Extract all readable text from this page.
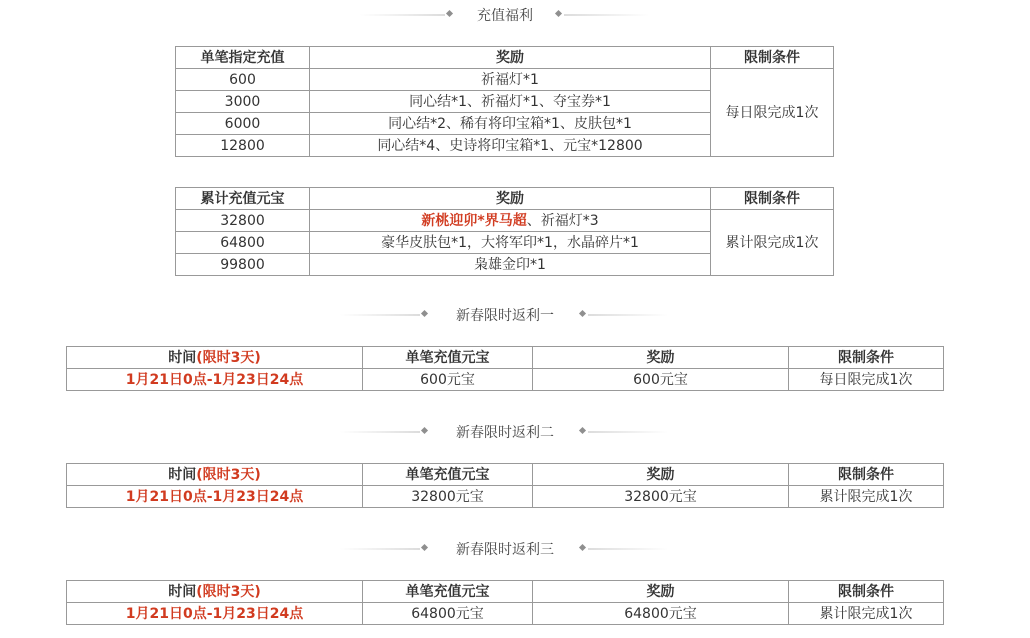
充值福利
单笔指定充值	奖励	限制条件
600	祈福灯*1	每日限完成1次
3000	同心结*1、祈福灯*1、夺宝券*1	
6000	同心结*2、稀有将印宝箱*1、皮肤包*1	
12800	同心结*4、史诗将印宝箱*1、元宝*12800	
累计充值元宝	奖励	限制条件
32800	新桃迎卯*界马超、祈福灯*3	累计限完成1次
64800	豪华皮肤包*1，大将军印*1，水晶碎片*1	
99800	枭雄金印*1	
新春限时返利一
时间(限时3天)	单笔充值元宝	奖励	限制条件
1月21日0点-1月23日24点	600元宝	600元宝	每日限完成1次
新春限时返利二
时间(限时3天)	单笔充值元宝	奖励	限制条件
1月21日0点-1月23日24点	32800元宝	32800元宝	累计限完成1次
新春限时返利三
时间(限时3天)	单笔充值元宝	奖励	限制条件
1月21日0点-1月23日24点	64800元宝	64800元宝	累计限完成1次
